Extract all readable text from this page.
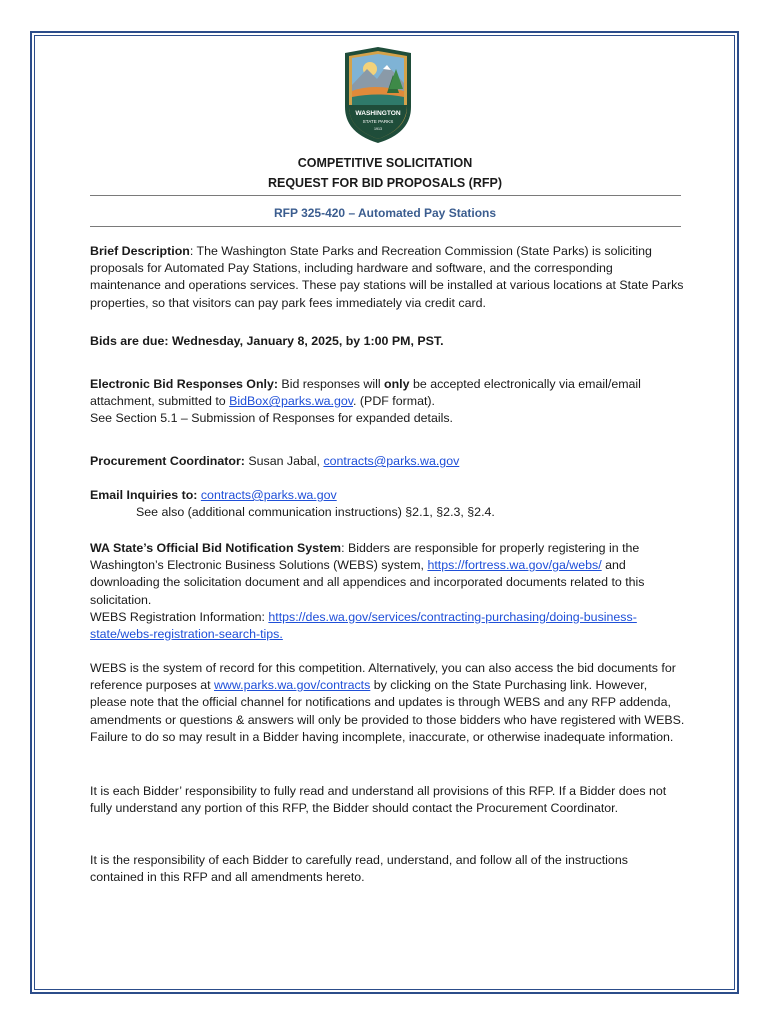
WASHINGTON
STATE PARKS
1913
COMPETITIVE SOLICITATION
REQUEST FOR BID PROPOSALS (RFP)
RFP 325-420 – Automated Pay Stations
Brief Description: The Washington State Parks and Recreation Commission (State Parks) is soliciting proposals for Automated Pay Stations, including hardware and software, and the corresponding maintenance and operations services. These pay stations will be installed at various locations at State Parks properties, so that visitors can pay park fees immediately via credit card.
Bids are due: Wednesday, January 8, 2025, by 1:00 PM, PST.
Electronic Bid Responses Only: Bid responses will only be accepted electronically via email/email attachment, submitted to BidBox@parks.wa.gov. (PDF format).
See Section 5.1 – Submission of Responses for expanded details.
Procurement Coordinator: Susan Jabal, contracts@parks.wa.gov
Email Inquiries to: contracts@parks.wa.gov

See also (additional communication instructions) §2.1, §2.3, §2.4.
WA State’s Official Bid Notification System: Bidders are responsible for properly registering in the Washington’s Electronic Business Solutions (WEBS) system, https://fortress.wa.gov/ga/webs/ and downloading the solicitation document and all appendices and incorporated documents related to this solicitation.
WEBS Registration Information: https://des.wa.gov/services/contracting-purchasing/doing-business-state/webs-registration-search-tips.
WEBS is the system of record for this competition. Alternatively, you can also access the bid documents for reference purposes at www.parks.wa.gov/contracts by clicking on the State Purchasing link. However, please note that the official channel for notifications and updates is through WEBS and any RFP addenda, amendments or questions & answers will only be provided to those bidders who have registered with WEBS. Failure to do so may result in a Bidder having incomplete, inaccurate, or otherwise inadequate information.
It is each Bidder’ responsibility to fully read and understand all provisions of this RFP. If a Bidder does not fully understand any portion of this RFP, the Bidder should contact the Procurement Coordinator.
It is the responsibility of each Bidder to carefully read, understand, and follow all of the instructions contained in this RFP and all amendments hereto.
